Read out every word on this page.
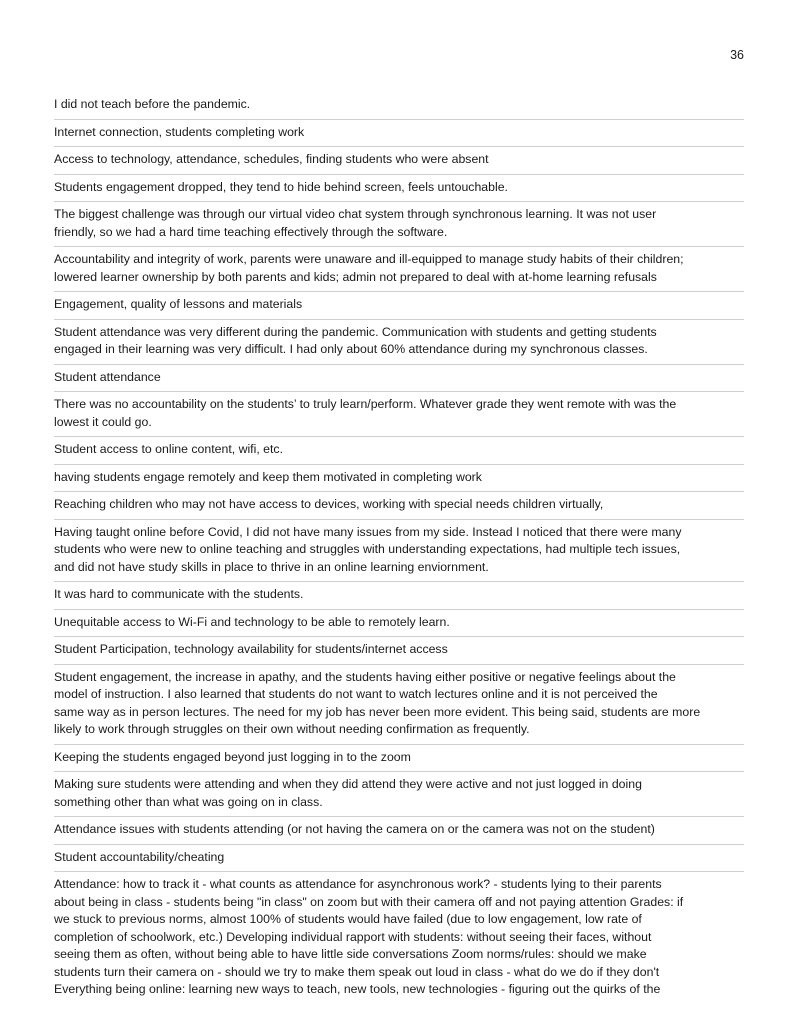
36
I did not teach before the pandemic.
Internet connection, students completing work
Access to technology, attendance, schedules, finding students who were absent
Students engagement dropped, they tend to hide behind screen, feels untouchable.
The biggest challenge was through our virtual video chat system through synchronous learning. It was not user
friendly, so we had a hard time teaching effectively through the software.
Accountability and integrity of work, parents were unaware and ill-equipped to manage study habits of their children;
lowered learner ownership by both parents and kids; admin not prepared to deal with at-home learning refusals
Engagement, quality of lessons and materials
Student attendance was very different during the pandemic. Communication with students and getting students
engaged in their learning was very difficult. I had only about 60% attendance during my synchronous classes.
Student attendance
There was no accountability on the students’ to truly learn/perform. Whatever grade they went remote with was the
lowest it could go.
Student access to online content, wifi, etc.
having students engage remotely and keep them motivated in completing work
Reaching children who may not have access to devices, working with special needs children virtually,
Having taught online before Covid, I did not have many issues from my side. Instead I noticed that there were many
students who were new to online teaching and struggles with understanding expectations, had multiple tech issues,
and did not have study skills in place to thrive in an online learning enviornment.
It was hard to communicate with the students.
Unequitable access to Wi-Fi and technology to be able to remotely learn.
Student Participation, technology availability for students/internet access
Student engagement, the increase in apathy, and the students having either positive or negative feelings about the
model of instruction. I also learned that students do not want to watch lectures online and it is not perceived the
same way as in person lectures. The need for my job has never been more evident. This being said, students are more
likely to work through struggles on their own without needing confirmation as frequently.
Keeping the students engaged beyond just logging in to the zoom
Making sure students were attending and when they did attend they were active and not just logged in doing
something other than what was going on in class.
Attendance issues with students attending (or not having the camera on or the camera was not on the student)
Student accountability/cheating
Attendance: how to track it - what counts as attendance for asynchronous work? - students lying to their parents
about being in class - students being "in class" on zoom but with their camera off and not paying attention Grades: if
we stuck to previous norms, almost 100% of students would have failed (due to low engagement, low rate of
completion of schoolwork, etc.) Developing individual rapport with students: without seeing their faces, without
seeing them as often, without being able to have little side conversations Zoom norms/rules: should we make
students turn their camera on - should we try to make them speak out loud in class - what do we do if they don't
Everything being online: learning new ways to teach, new tools, new technologies - figuring out the quirks of the
